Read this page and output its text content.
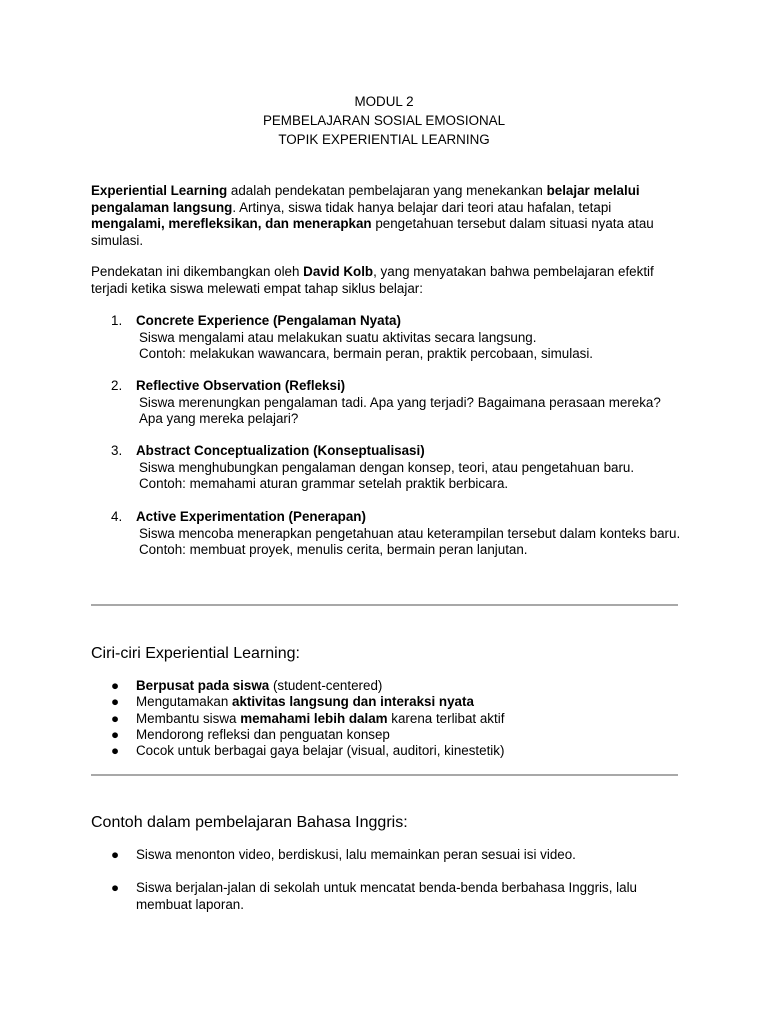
MODUL 2
PEMBELAJARAN SOSIAL EMOSIONAL
TOPIK EXPERIENTIAL LEARNING

Experiential Learning adalah pendekatan pembelajaran yang menekankan belajar melalui pengalaman langsung. Artinya, siswa tidak hanya belajar dari teori atau hafalan, tetapi mengalami, merefleksikan, dan menerapkan pengetahuan tersebut dalam situasi nyata atau simulasi.

Pendekatan ini dikembangkan oleh David Kolb, yang menyatakan bahwa pembelajaran efektif terjadi ketika siswa melewati empat tahap siklus belajar:

1. Concrete Experience (Pengalaman Nyata)
Siswa mengalami atau melakukan suatu aktivitas secara langsung.
Contoh: melakukan wawancara, bermain peran, praktik percobaan, simulasi.
2. Reflective Observation (Refleksi)
Siswa merenungkan pengalaman tadi. Apa yang terjadi? Bagaimana perasaan mereka? Apa yang mereka pelajari?
3. Abstract Conceptualization (Konseptualisasi)
Siswa menghubungkan pengalaman dengan konsep, teori, atau pengetahuan baru.
Contoh: memahami aturan grammar setelah praktik berbicara.
4. Active Experimentation (Penerapan)
Siswa mencoba menerapkan pengetahuan atau keterampilan tersebut dalam konteks baru.
Contoh: membuat proyek, menulis cerita, bermain peran lanjutan.
Ciri-ciri Experiential Learning:
● Berpusat pada siswa (student-centered)
● Mengutamakan aktivitas langsung dan interaksi nyata
● Membantu siswa memahami lebih dalam karena terlibat aktif
● Mendorong refleksi dan penguatan konsep
● Cocok untuk berbagai gaya belajar (visual, auditori, kinestetik)
Contoh dalam pembelajaran Bahasa Inggris:
● Siswa menonton video, berdiskusi, lalu memainkan peran sesuai isi video.
● Siswa berjalan-jalan di sekolah untuk mencatat benda-benda berbahasa Inggris, lalu membuat laporan.
